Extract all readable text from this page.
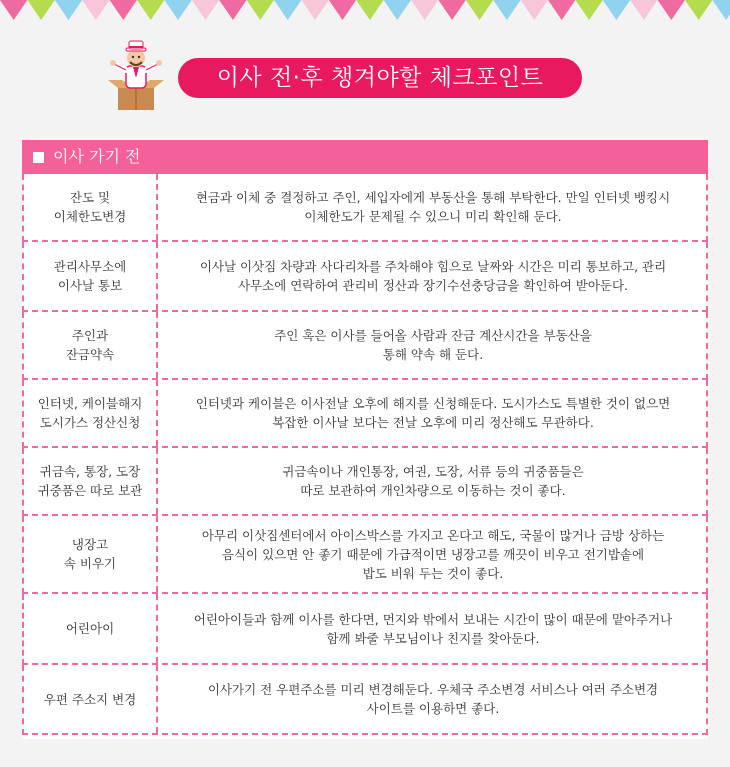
이사 전·후 챙겨야할 체크포인트
이사 가기 전
잔도 및
이체한도변경
현금과 이체 중 결정하고 주인, 세입자에게 부동산을 통해 부탁한다. 만일 인터넷 뱅킹시
이체한도가 문제될 수 있으니 미리 확인해 둔다.
관리사무소에
이사날 통보
이사날 이삿짐 차량과 사다리차를 주차해야 힘으로 날짜와 시간은 미리 통보하고, 관리
사무소에 연락하여 관리비 정산과 장기수선충당금을 확인하여 받아둔다.
주인과
잔금약속
주인 혹은 이사를 들어올 사람과 잔금 계산시간을 부동산을
통해 약속 해 둔다.
인터넷, 케이블해지
도시가스 정산신청
인터넷과 케이블은 이사전날 오후에 해지를 신청해둔다. 도시가스도 특별한 것이 없으면
복잡한 이사날 보다는 전날 오후에 미리 정산해도 무관하다.
귀금속, 통장, 도장
귀중품은 따로 보관
귀금속이나 개인통장, 여권, 도장, 서류 등의 귀중품들은
따로 보관하여 개인차량으로 이동하는 것이 좋다.
냉장고
속 비우기
아무리 이삿짐센터에서 아이스박스를 가지고 온다고 해도, 국물이 많거나 금방 상하는
음식이 있으면 안 좋기 때문에 가급적이면 냉장고를 깨끗이 비우고 전기밥솥에
밥도 비워 두는 것이 좋다.
어린아이
어린아이들과 함께 이사를 한다면, 먼지와 밖에서 보내는 시간이 많이 때문에 맡아주거나
함께 봐줄 부모님이나 친지를 찾아둔다.
우편 주소지 변경
이사가기 전 우편주소를 미리 변경해둔다. 우체국 주소변경 서비스나 여러 주소변경
사이트를 이용하면 좋다.
